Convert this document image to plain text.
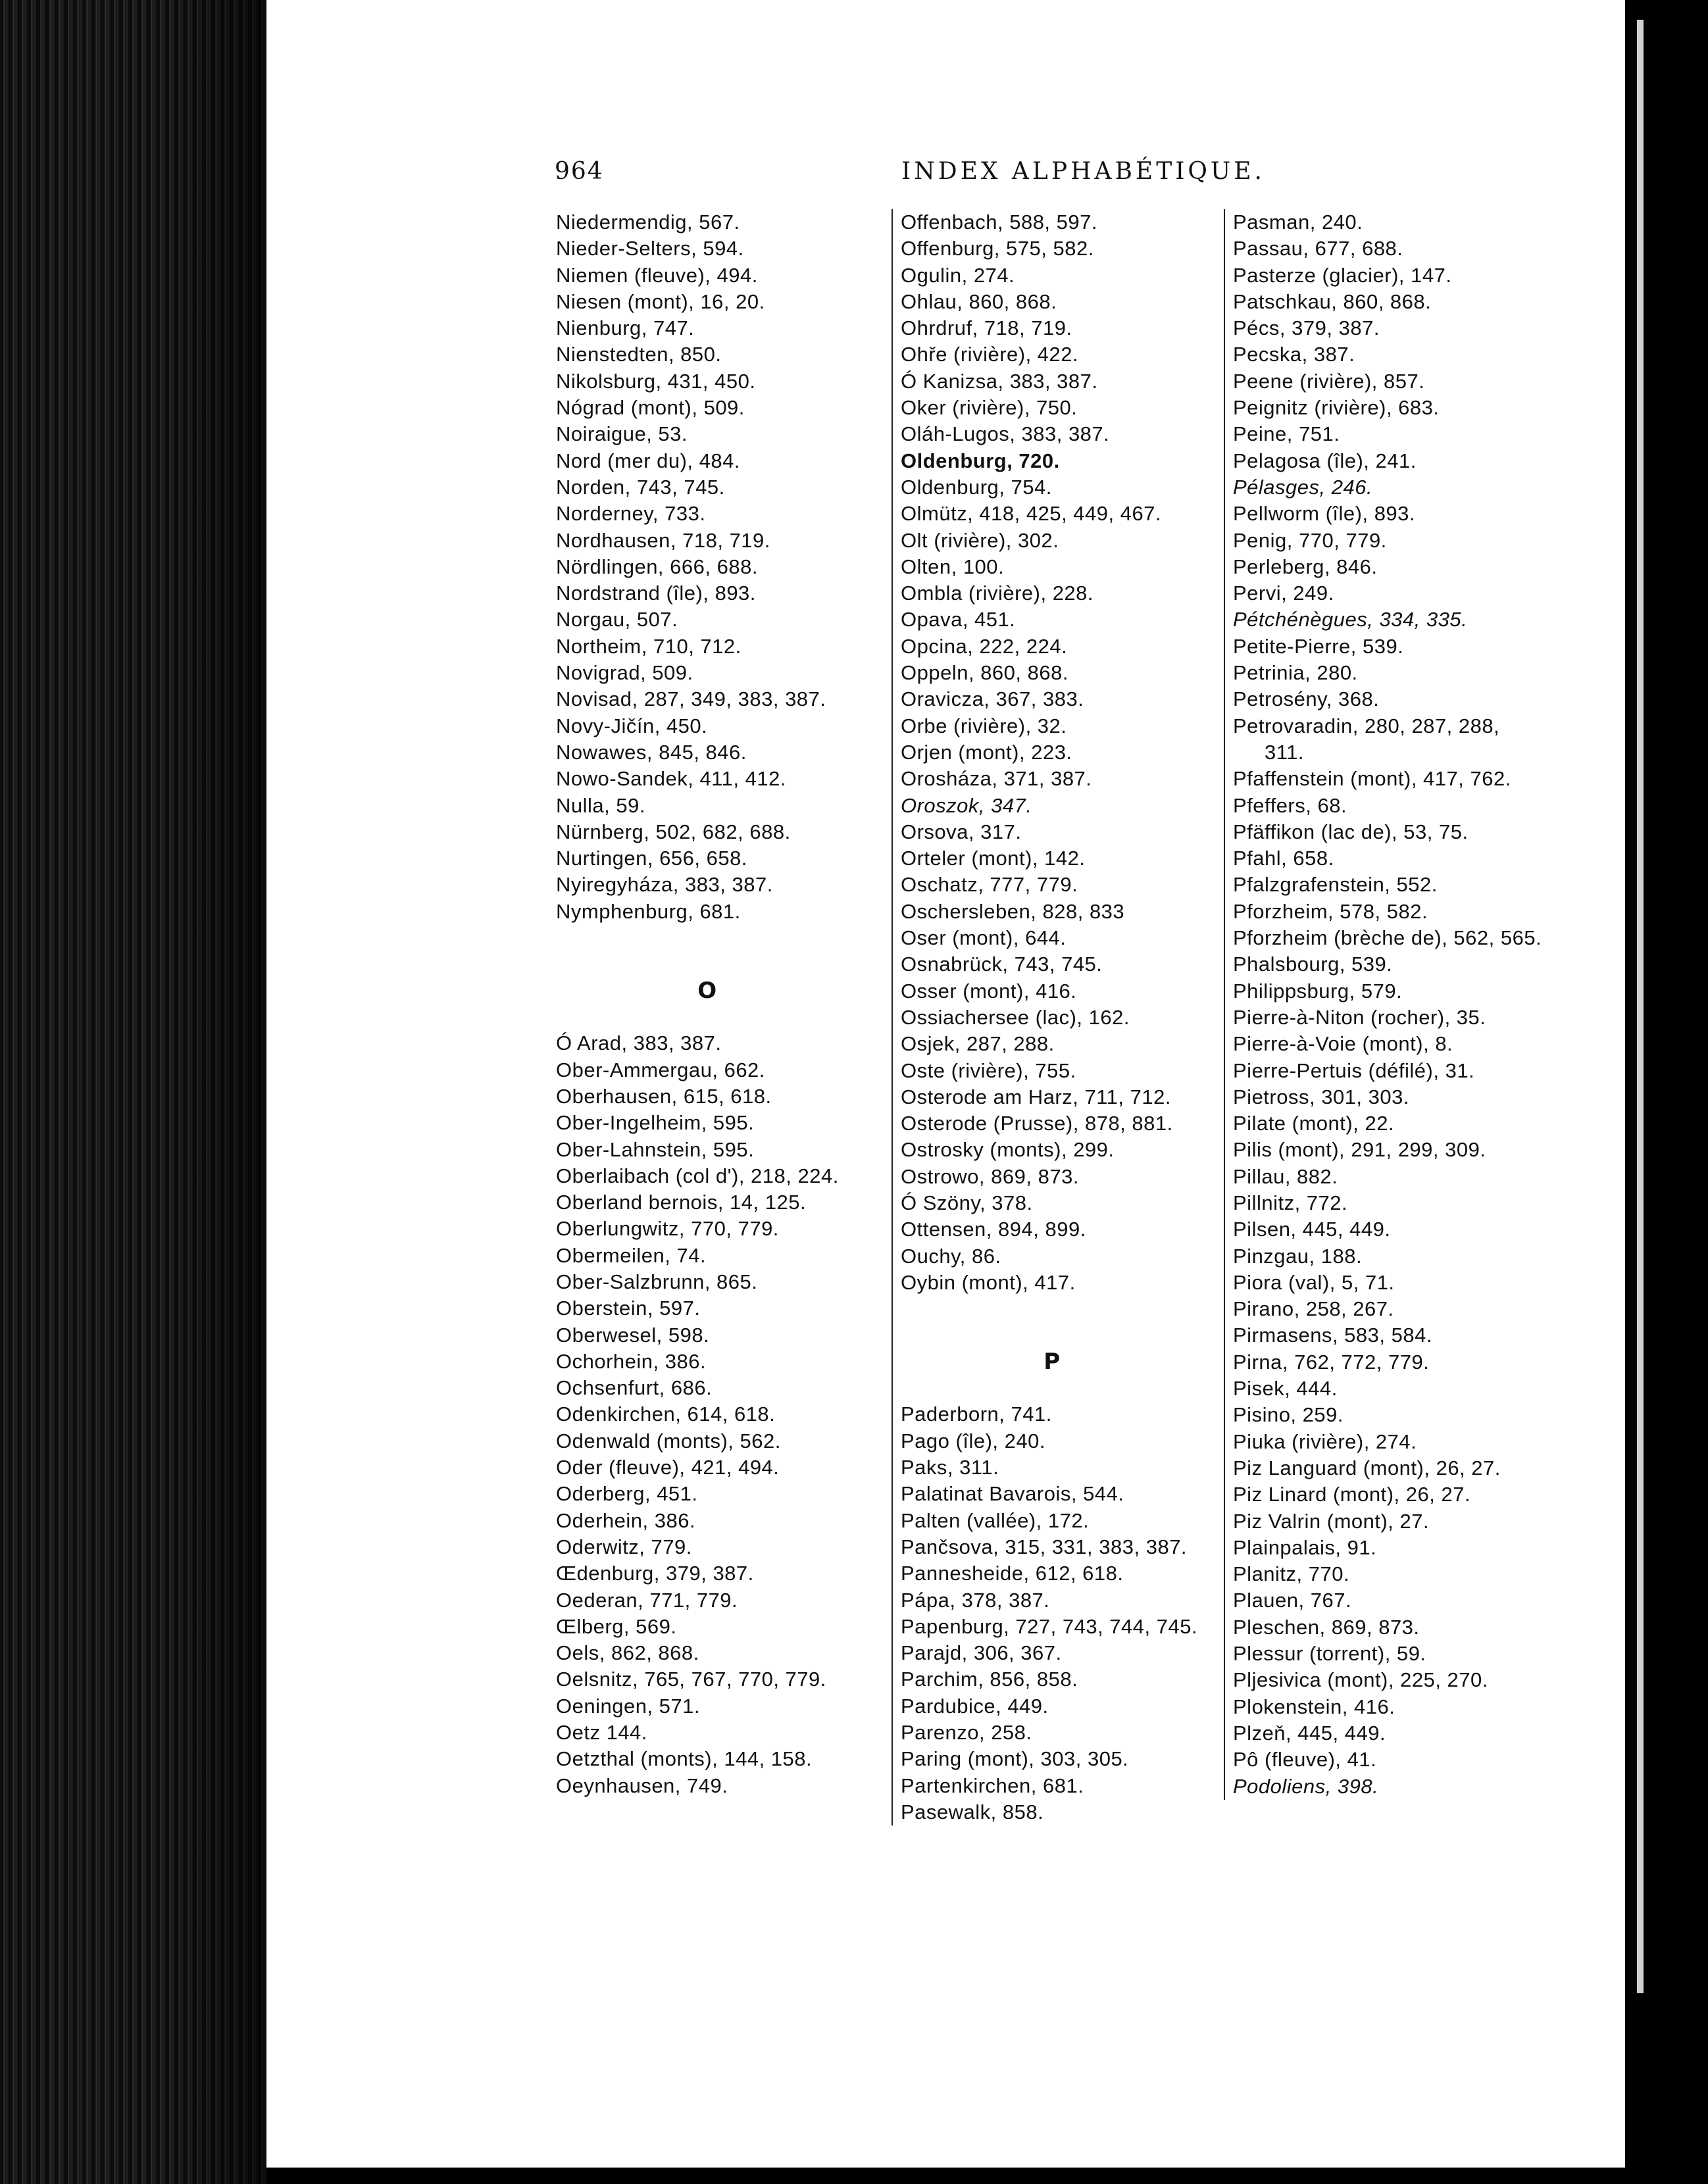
964	INDEX ALPHABÉTIQUE.
Niedermendig, 567.
Nieder-Selters, 594.
Niemen (fleuve), 494.
Niesen (mont), 16, 20.
Nienburg, 747.
Nienstedten, 850.
Nikolsburg, 431, 450.
Nógrad (mont), 509.
Noiraigue, 53.
Nord (mer du), 484.
Norden, 743, 745.
Norderney, 733.
Nordhausen, 718, 719.
Nördlingen, 666, 688.
Nordstrand (île), 893.
Norgau, 507.
Northeim, 710, 712.
Novigrad, 509.
Novisad, 287, 349, 383, 387.
Novy-Jičín, 450.
Nowawes, 845, 846.
Nowo-Sandek, 411, 412.
Nulla, 59.
Nürnberg, 502, 682, 688.
Nurtingen, 656, 658.
Nyiregyháza, 383, 387.
Nymphenburg, 681.
O
Ó Arad, 383, 387.
Ober-Ammergau, 662.
Oberhausen, 615, 618.
Ober-Ingelheim, 595.
Ober-Lahnstein, 595.
Oberlaibach (col d'), 218, 224.
Oberland bernois, 14, 125.
Oberlungwitz, 770, 779.
Obermeilen, 74.
Ober-Salzbrunn, 865.
Oberstein, 597.
Oberwesel, 598.
Ochorhein, 386.
Ochsenfurt, 686.
Odenkirchen, 614, 618.
Odenwald (monts), 562.
Oder (fleuve), 421, 494.
Oderberg, 451.
Oderhein, 386.
Oderwitz, 779.
Œdenburg, 379, 387.
Oederan, 771, 779.
Œlberg, 569.
Oels, 862, 868.
Oelsnitz, 765, 767, 770, 779.
Oeningen, 571.
Oetz 144.
Oetzthal (monts), 144, 158.
Oeynhausen, 749.
Offenbach, 588, 597.
Offenburg, 575, 582.
Ogulin, 274.
Ohlau, 860, 868.
Ohrdruf, 718, 719.
Ohře (rivière), 422.
Ó Kanizsa, 383, 387.
Oker (rivière), 750.
Oláh-Lugos, 383, 387.
Oldenburg, 720.
Oldenburg, 754.
Olmütz, 418, 425, 449, 467.
Olt (rivière), 302.
Olten, 100.
Ombla (rivière), 228.
Opava, 451.
Opcina, 222, 224.
Oppeln, 860, 868.
Oravicza, 367, 383.
Orbe (rivière), 32.
Orjen (mont), 223.
Orosháza, 371, 387.
Oroszok, 347.
Orsova, 317.
Orteler (mont), 142.
Oschatz, 777, 779.
Oschersleben, 828, 833
Oser (mont), 644.
Osnabrück, 743, 745.
Osser (mont), 416.
Ossiachersee (lac), 162.
Osjek, 287, 288.
Oste (rivière), 755.
Osterode am Harz, 711, 712.
Osterode (Prusse), 878, 881.
Ostrosky (monts), 299.
Ostrowo, 869, 873.
Ó Szöny, 378.
Ottensen, 894, 899.
Ouchy, 86.
Oybin (mont), 417.
P
Paderborn, 741.
Pago (île), 240.
Paks, 311.
Palatinat Bavarois, 544.
Palten (vallée), 172.
Pančsova, 315, 331, 383, 387.
Pannesheide, 612, 618.
Pápa, 378, 387.
Papenburg, 727, 743, 744, 745.
Parajd, 306, 367.
Parchim, 856, 858.
Pardubice, 449.
Parenzo, 258.
Paring (mont), 303, 305.
Partenkirchen, 681.
Pasewalk, 858.
Pasman, 240.
Passau, 677, 688.
Pasterze (glacier), 147.
Patschkau, 860, 868.
Pécs, 379, 387.
Pecska, 387.
Peene (rivière), 857.
Peignitz (rivière), 683.
Peine, 751.
Pelagosa (île), 241.
Pélasges, 246.
Pellworm (île), 893.
Penig, 770, 779.
Perleberg, 846.
Pervi, 249.
Pétchénègues, 334, 335.
Petite-Pierre, 539.
Petrinia, 280.
Petrosény, 368.
Petrovaradin, 280, 287, 288,
311.
Pfaffenstein (mont), 417, 762.
Pfeffers, 68.
Pfäffikon (lac de), 53, 75.
Pfahl, 658.
Pfalzgrafenstein, 552.
Pforzheim, 578, 582.
Pforzheim (brèche de), 562, 565.
Phalsbourg, 539.
Philippsburg, 579.
Pierre-à-Niton (rocher), 35.
Pierre-à-Voie (mont), 8.
Pierre-Pertuis (défilé), 31.
Pietross, 301, 303.
Pilate (mont), 22.
Pilis (mont), 291, 299, 309.
Pillau, 882.
Pillnitz, 772.
Pilsen, 445, 449.
Pinzgau, 188.
Piora (val), 5, 71.
Pirano, 258, 267.
Pirmasens, 583, 584.
Pirna, 762, 772, 779.
Pisek, 444.
Pisino, 259.
Piuka (rivière), 274.
Piz Languard (mont), 26, 27.
Piz Linard (mont), 26, 27.
Piz Valrin (mont), 27.
Plainpalais, 91.
Planitz, 770.
Plauen, 767.
Pleschen, 869, 873.
Plessur (torrent), 59.
Pljesivica (mont), 225, 270.
Plokenstein, 416.
Plzeň, 445, 449.
Pô (fleuve), 41.
Podoliens, 398.
